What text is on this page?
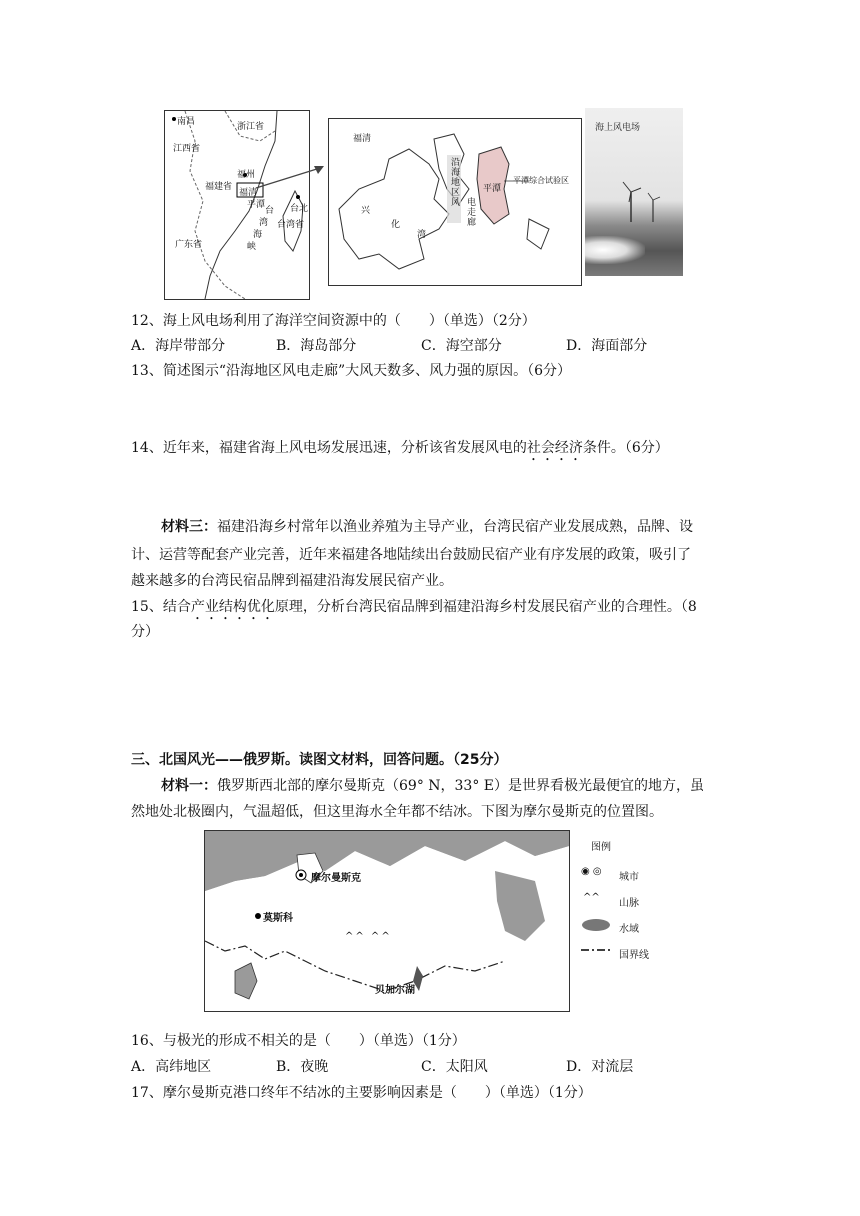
南昌	浙江省
江西省
福州
福建省
福清
平潭	台北
台湾省
广东省
台
湾
海
峡
福清
沿
海
地
区
风 电
走
廊
平潭
平潭综合试验区
兴
化
湾
海上风电场
12、海上风电场利用了海洋空间资源中的（　　）（单选）（2分）
A．海岸带部分	B．海岛部分	C．海空部分	D．海面部分
13、简述图示“沿海地区风电走廊”大风天数多、风力强的原因。（6分）
14、近年来，福建省海上风电场发展迅速，分析该省发展风电的社会经济条件。（6分）
材料三：福建沿海乡村常年以渔业养殖为主导产业，台湾民宿产业发展成熟，品牌、设
计、运营等配套产业完善，近年来福建各地陆续出台鼓励民宿产业有序发展的政策，吸引了
越来越多的台湾民宿品牌到福建沿海发展民宿产业。
15、结合产业结构优化原理，分析台湾民宿品牌到福建沿海乡村发展民宿产业的合理性。（8
分）
三、北国风光——俄罗斯。读图文材料，回答问题。（25分）
材料一：俄罗斯西北部的摩尔曼斯克（69° N，33° E）是世界看极光最便宜的地方，虽
然地处北极圈内，气温超低，但这里海水全年都不结冰。下图为摩尔曼斯克的位置图。
摩尔曼斯克
莫斯科
^^ ^^
贝加尔湖
图例
◉ ◎
城市
^^
山脉
水域
国界线
16、与极光的形成不相关的是（　　）（单选）（1分）
A．高纬地区	B．夜晚	C．太阳风	D．对流层
17、摩尔曼斯克港口终年不结冰的主要影响因素是（　　）（单选）（1分）
